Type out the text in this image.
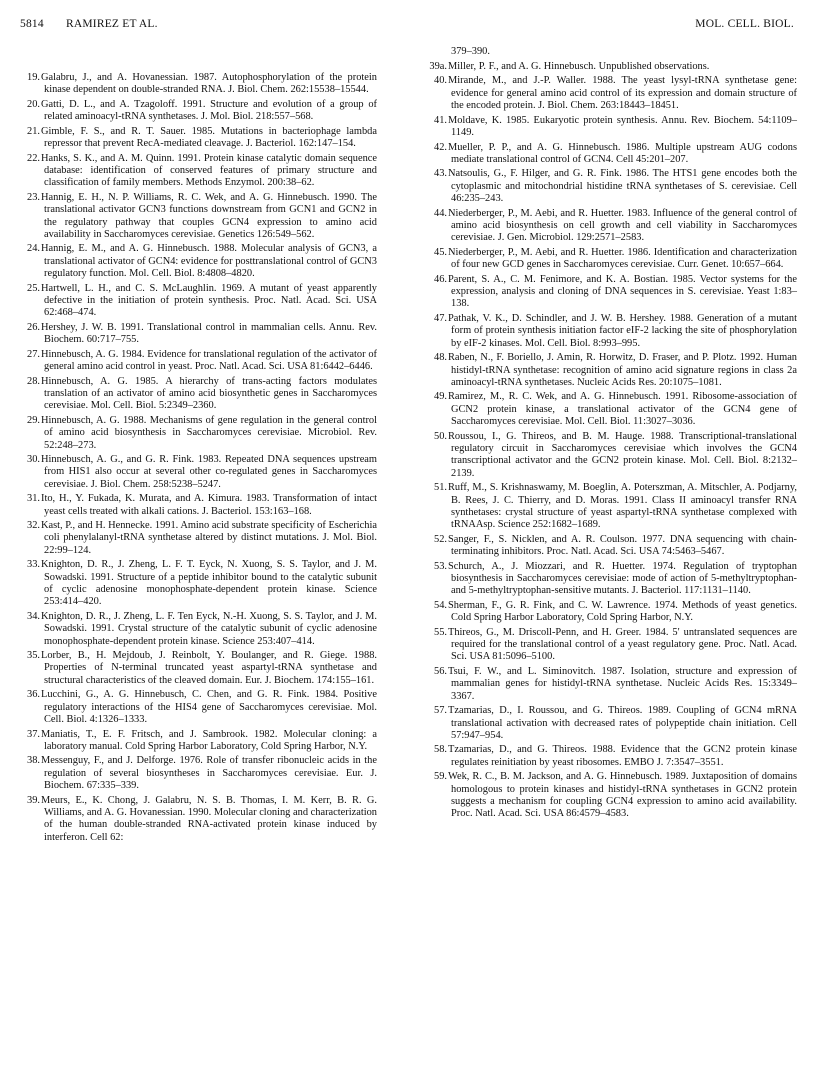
5814 RAMIREZ ET AL.	MOL. CELL. BIOL.

19. Galabru, J., and A. Hovanessian. 1987. Autophosphorylation of the protein kinase dependent on double-stranded RNA. J. Biol. Chem. 262:15538–15544.

20. Gatti, D. L., and A. Tzagoloff. 1991. Structure and evolution of a group of related aminoacyl-tRNA synthetases. J. Mol. Biol. 218:557–568.

21. Gimble, F. S., and R. T. Sauer. 1985. Mutations in bacteriophage lambda repressor that prevent RecA-mediated cleavage. J. Bacteriol. 162:147–154.

22. Hanks, S. K., and A. M. Quinn. 1991. Protein kinase catalytic domain sequence database: identification of conserved features of primary structure and classification of family members. Methods Enzymol. 200:38–62.

23. Hannig, E. H., N. P. Williams, R. C. Wek, and A. G. Hinnebusch. 1990. The translational activator GCN3 functions downstream from GCN1 and GCN2 in the regulatory pathway that couples GCN4 expression to amino acid availability in Saccharomyces cerevisiae. Genetics 126:549–562.

24. Hannig, E. M., and A. G. Hinnebusch. 1988. Molecular analysis of GCN3, a translational activator of GCN4: evidence for posttranslational control of GCN3 regulatory function. Mol. Cell. Biol. 8:4808–4820.

25. Hartwell, L. H., and C. S. McLaughlin. 1969. A mutant of yeast apparently defective in the initiation of protein synthesis. Proc. Natl. Acad. Sci. USA 62:468–474.

26. Hershey, J. W. B. 1991. Translational control in mammalian cells. Annu. Rev. Biochem. 60:717–755.

27. Hinnebusch, A. G. 1984. Evidence for translational regulation of the activator of general amino acid control in yeast. Proc. Natl. Acad. Sci. USA 81:6442–6446.

28. Hinnebusch, A. G. 1985. A hierarchy of trans-acting factors modulates translation of an activator of amino acid biosynthetic genes in Saccharomyces cerevisiae. Mol. Cell. Biol. 5:2349–2360.

29. Hinnebusch, A. G. 1988. Mechanisms of gene regulation in the general control of amino acid biosynthesis in Saccharomyces cerevisiae. Microbiol. Rev. 52:248–273.

30. Hinnebusch, A. G., and G. R. Fink. 1983. Repeated DNA sequences upstream from HIS1 also occur at several other co-regulated genes in Saccharomyces cerevisiae. J. Biol. Chem. 258:5238–5247.

31. Ito, H., Y. Fukada, K. Murata, and A. Kimura. 1983. Transformation of intact yeast cells treated with alkali cations. J. Bacteriol. 153:163–168.

32. Kast, P., and H. Hennecke. 1991. Amino acid substrate specificity of Escherichia coli phenylalanyl-tRNA synthetase altered by distinct mutations. J. Mol. Biol. 22:99–124.

33. Knighton, D. R., J. Zheng, L. F. T. Eyck, N. Xuong, S. S. Taylor, and J. M. Sowadski. 1991. Structure of a peptide inhibitor bound to the catalytic subunit of cyclic adenosine monophosphate-dependent protein kinase. Science 253:414–420.

34. Knighton, D. R., J. Zheng, L. F. Ten Eyck, N.-H. Xuong, S. S. Taylor, and J. M. Sowadski. 1991. Crystal structure of the catalytic subunit of cyclic adenosine monophosphate-dependent protein kinase. Science 253:407–414.

35. Lorber, B., H. Mejdoub, J. Reinbolt, Y. Boulanger, and R. Giege. 1988. Properties of N-terminal truncated yeast aspartyl-tRNA synthetase and structural characteristics of the cleaved domain. Eur. J. Biochem. 174:155–161.

36. Lucchini, G., A. G. Hinnebusch, C. Chen, and G. R. Fink. 1984. Positive regulatory interactions of the HIS4 gene of Saccharomyces cerevisiae. Mol. Cell. Biol. 4:1326–1333.

37. Maniatis, T., E. F. Fritsch, and J. Sambrook. 1982. Molecular cloning: a laboratory manual. Cold Spring Harbor Laboratory, Cold Spring Harbor, N.Y.

38. Messenguy, F., and J. Delforge. 1976. Role of transfer ribonucleic acids in the regulation of several biosyntheses in Saccharomyces cerevisiae. Eur. J. Biochem. 67:335–339.

39. Meurs, E., K. Chong, J. Galabru, N. S. B. Thomas, I. M. Kerr, B. R. G. Williams, and A. G. Hovanessian. 1990. Molecular cloning and characterization of the human double-stranded RNA-activated protein kinase induced by interferon. Cell 62:

379–390.

39a. Miller, P. F., and A. G. Hinnebusch. Unpublished observations.

40. Mirande, M., and J.-P. Waller. 1988. The yeast lysyl-tRNA synthetase gene: evidence for general amino acid control of its expression and domain structure of the encoded protein. J. Biol. Chem. 263:18443–18451.

41. Moldave, K. 1985. Eukaryotic protein synthesis. Annu. Rev. Biochem. 54:1109–1149.

42. Mueller, P. P., and A. G. Hinnebusch. 1986. Multiple upstream AUG codons mediate translational control of GCN4. Cell 45:201–207.

43. Natsoulis, G., F. Hilger, and G. R. Fink. 1986. The HTS1 gene encodes both the cytoplasmic and mitochondrial histidine tRNA synthetases of S. cerevisiae. Cell 46:235–243.

44. Niederberger, P., M. Aebi, and R. Huetter. 1983. Influence of the general control of amino acid biosynthesis on cell growth and cell viability in Saccharomyces cerevisiae. J. Gen. Microbiol. 129:2571–2583.

45. Niederberger, P., M. Aebi, and R. Huetter. 1986. Identification and characterization of four new GCD genes in Saccharomyces cerevisiae. Curr. Genet. 10:657–664.

46. Parent, S. A., C. M. Fenimore, and K. A. Bostian. 1985. Vector systems for the expression, analysis and cloning of DNA sequences in S. cerevisiae. Yeast 1:83–138.

47. Pathak, V. K., D. Schindler, and J. W. B. Hershey. 1988. Generation of a mutant form of protein synthesis initiation factor eIF-2 lacking the site of phosphorylation by eIF-2 kinases. Mol. Cell. Biol. 8:993–995.

48. Raben, N., F. Boriello, J. Amin, R. Horwitz, D. Fraser, and P. Plotz. 1992. Human histidyl-tRNA synthetase: recognition of amino acid signature regions in class 2a aminoacyl-tRNA synthetases. Nucleic Acids Res. 20:1075–1081.

49. Ramirez, M., R. C. Wek, and A. G. Hinnebusch. 1991. Ribosome-association of GCN2 protein kinase, a translational activator of the GCN4 gene of Saccharomyces cerevisiae. Mol. Cell. Biol. 11:3027–3036.

50. Roussou, I., G. Thireos, and B. M. Hauge. 1988. Transcriptional-translational regulatory circuit in Saccharomyces cerevisiae which involves the GCN4 transcriptional activator and the GCN2 protein kinase. Mol. Cell. Biol. 8:2132–2139.

51. Ruff, M., S. Krishnaswamy, M. Boeglin, A. Poterszman, A. Mitschler, A. Podjarny, B. Rees, J. C. Thierry, and D. Moras. 1991. Class II aminoacyl transfer RNA synthetases: crystal structure of yeast aspartyl-tRNA synthetase complexed with tRNAAsp. Science 252:1682–1689.

52. Sanger, F., S. Nicklen, and A. R. Coulson. 1977. DNA sequencing with chain-terminating inhibitors. Proc. Natl. Acad. Sci. USA 74:5463–5467.

53. Schurch, A., J. Miozzari, and R. Huetter. 1974. Regulation of tryptophan biosynthesis in Saccharomyces cerevisiae: mode of action of 5-methyltryptophan- and 5-methyltryptophan-sensitive mutants. J. Bacteriol. 117:1131–1140.

54. Sherman, F., G. R. Fink, and C. W. Lawrence. 1974. Methods of yeast genetics. Cold Spring Harbor Laboratory, Cold Spring Harbor, N.Y.

55. Thireos, G., M. Driscoll-Penn, and H. Greer. 1984. 5′ untranslated sequences are required for the translational control of a yeast regulatory gene. Proc. Natl. Acad. Sci. USA 81:5096–5100.

56. Tsui, F. W., and L. Siminovitch. 1987. Isolation, structure and expression of mammalian genes for histidyl-tRNA synthetase. Nucleic Acids Res. 15:3349–3367.

57. Tzamarias, D., I. Roussou, and G. Thireos. 1989. Coupling of GCN4 mRNA translational activation with decreased rates of polypeptide chain initiation. Cell 57:947–954.

58. Tzamarias, D., and G. Thireos. 1988. Evidence that the GCN2 protein kinase regulates reinitiation by yeast ribosomes. EMBO J. 7:3547–3551.

59. Wek, R. C., B. M. Jackson, and A. G. Hinnebusch. 1989. Juxtaposition of domains homologous to protein kinases and histidyl-tRNA synthetases in GCN2 protein suggests a mechanism for coupling GCN4 expression to amino acid availability. Proc. Natl. Acad. Sci. USA 86:4579–4583.
